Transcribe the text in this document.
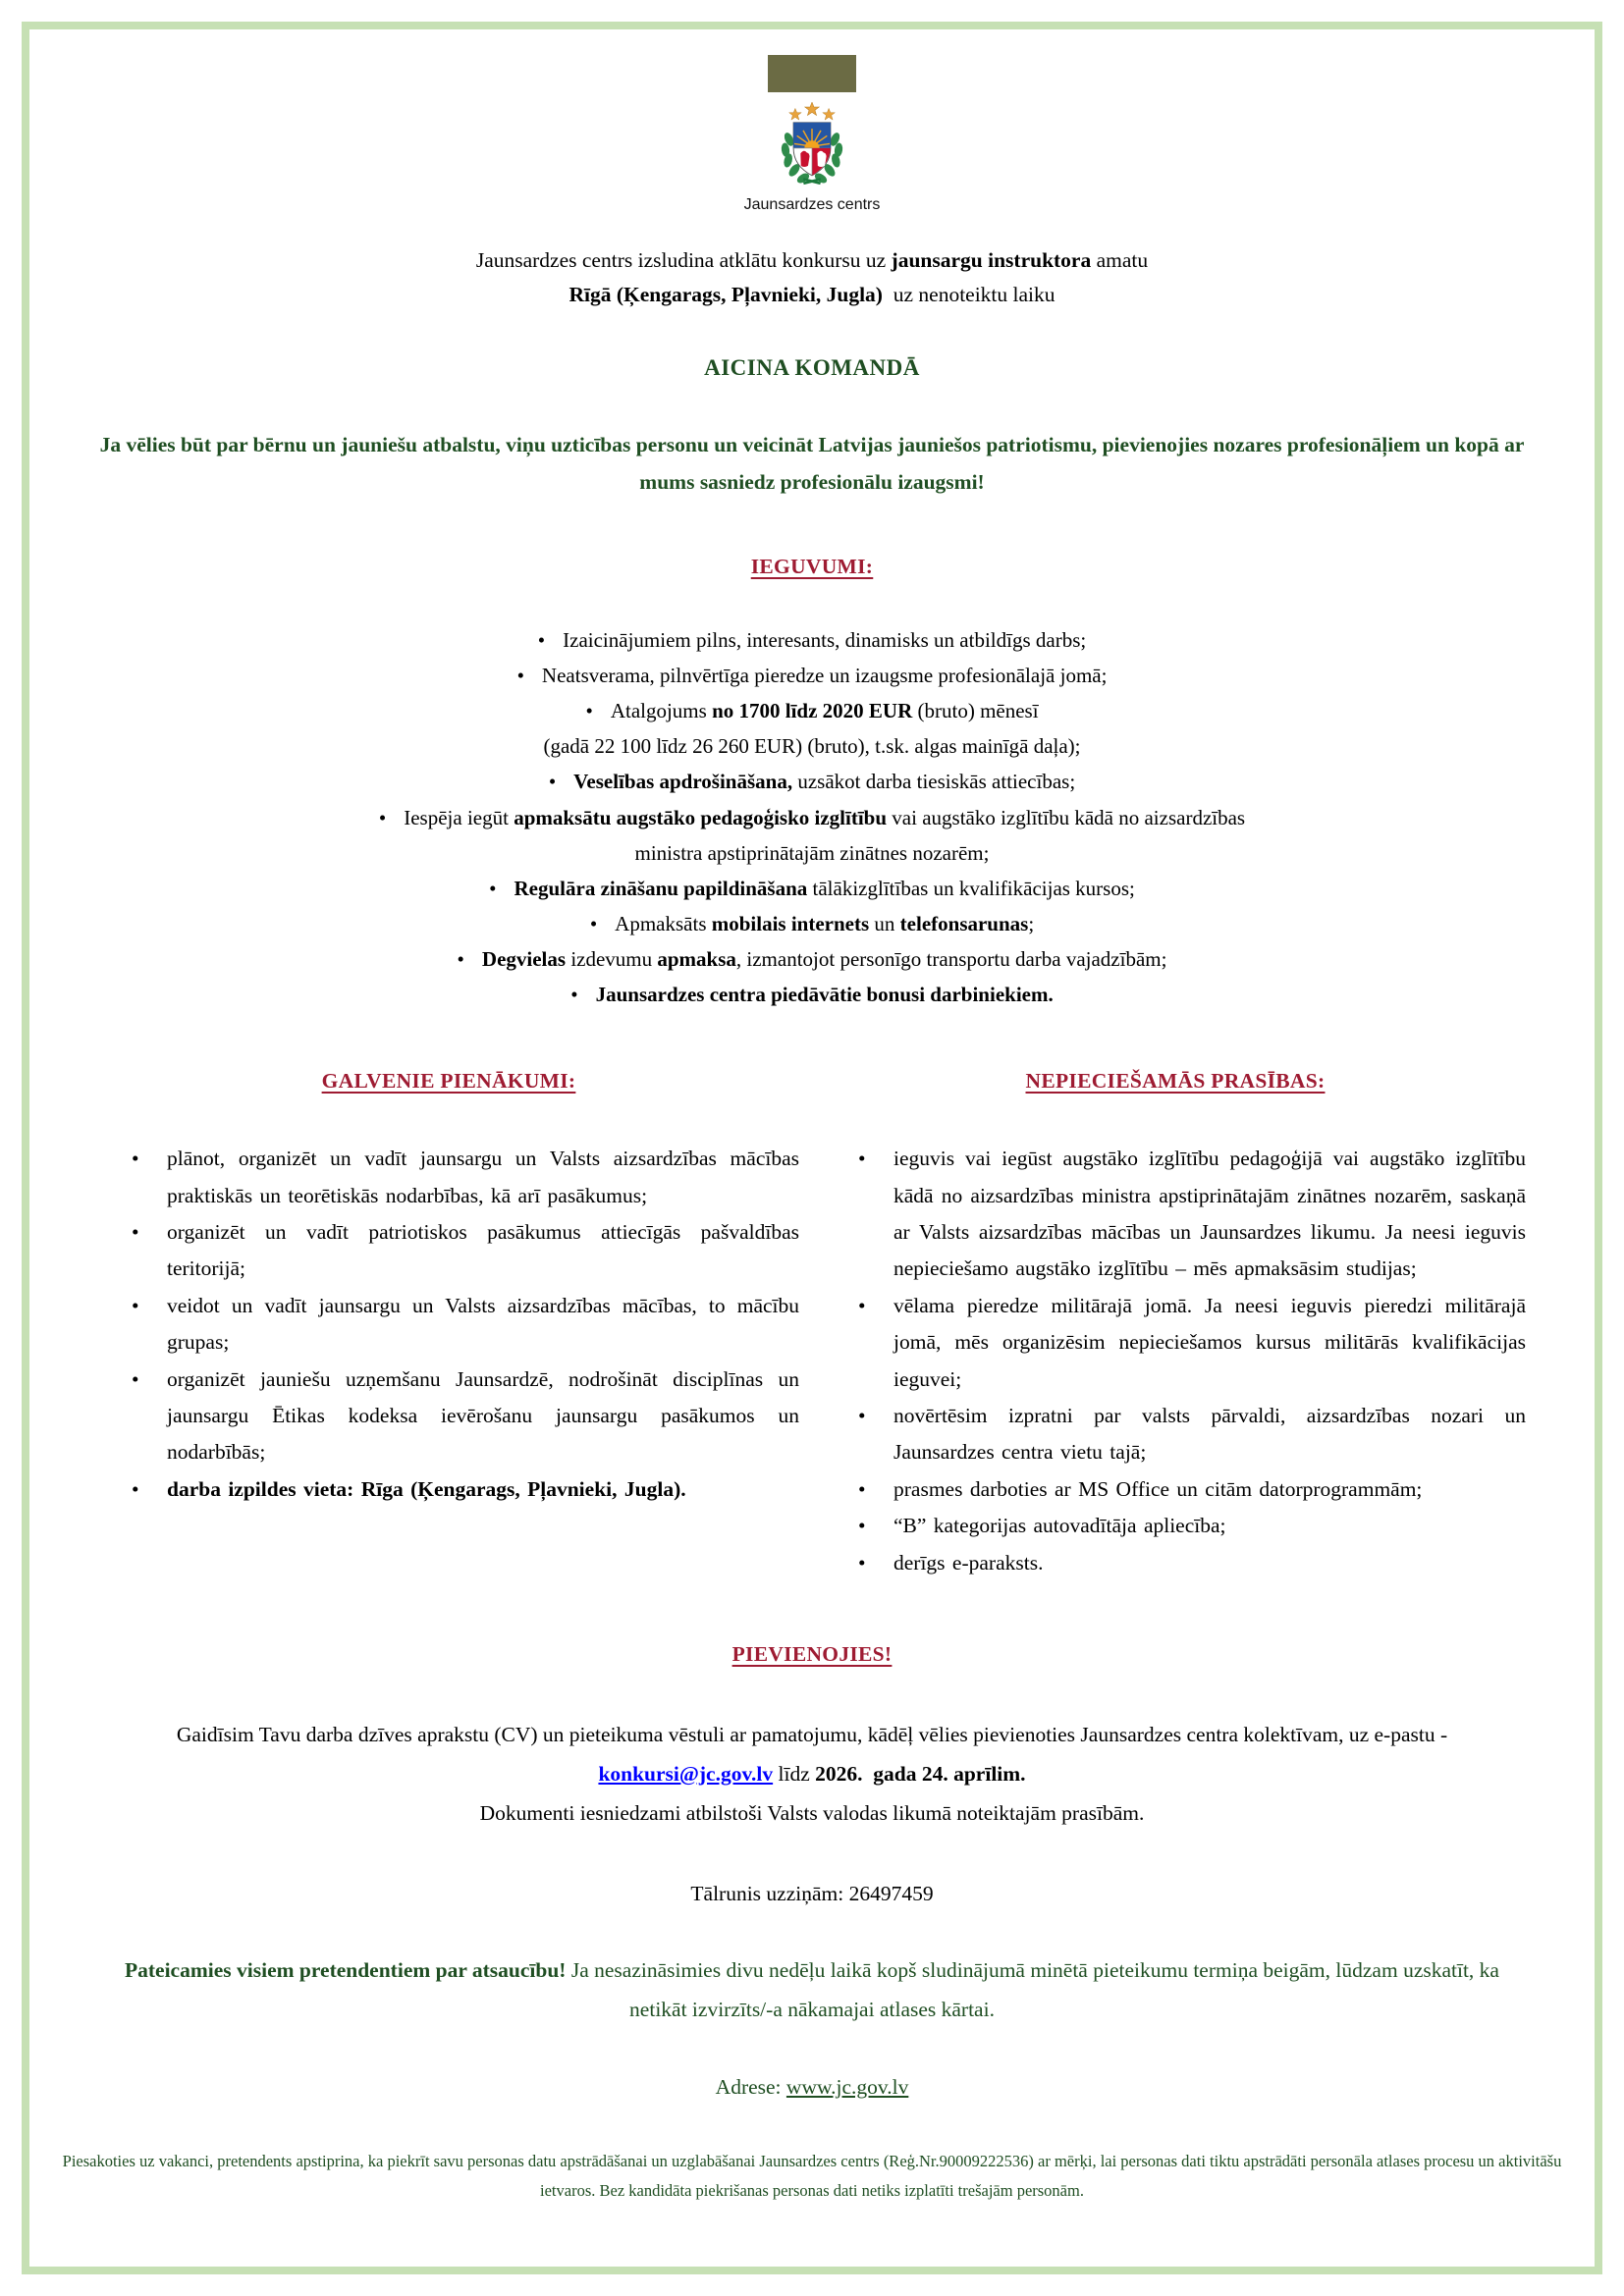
Jaunsardzes centrs
Jaunsardzes centrs izsludina atklātu konkursu uz jaunsargu instruktora amatu
Rīgā (Ķengarags, Pļavnieki, Jugla)  uz nenoteiktu laiku
AICINA KOMANDĀ
Ja vēlies būt par bērnu un jauniešu atbalstu, viņu uzticības personu un veicināt Latvijas jauniešos patriotismu, pievienojies nozares profesionāļiem un kopā ar mums sasniedz profesionālu izaugsmi!
IEGUVUMI:
• Izaicinājumiem pilns, interesants, dinamisks un atbildīgs darbs;
• Neatsverama, pilnvērtīga pieredze un izaugsme profesionālajā jomā;
• Atalgojums no 1700 līdz 2020 EUR (bruto) mēnesī
(gadā 22 100 līdz 26 260 EUR) (bruto), t.sk. algas mainīgā daļa);
• Veselības apdrošināšana, uzsākot darba tiesiskās attiecības;
• Iespēja iegūt apmaksātu augstāko pedagoģisko izglītību vai augstāko izglītību kādā no aizsardzības
ministra apstiprinātajām zinātnes nozarēm;
• Regulāra zināšanu papildināšana tālākizglītības un kvalifikācijas kursos;
• Apmaksāts mobilais internets un telefonsarunas;
• Degvielas izdevumu apmaksa, izmantojot personīgo transportu darba vajadzībām;
• Jaunsardzes centra piedāvātie bonusi darbiniekiem.
GALVENIE PIENĀKUMI:
•	plānot, organizēt un vadīt jaunsargu un Valsts aizsardzības mācības praktiskās un teorētiskās nodarbības, kā arī pasākumus;
•	organizēt un vadīt patriotiskos pasākumus attiecīgās pašvaldības teritorijā;
•	veidot un vadīt jaunsargu un Valsts aizsardzības mācības, to mācību grupas;
•	organizēt jauniešu uzņemšanu Jaunsardzē, nodrošināt disciplīnas un jaunsargu Ētikas kodeksa ievērošanu jaunsargu pasākumos un nodarbībās;
•	darba izpildes vieta: Rīga (Ķengarags, Pļavnieki, Jugla).
NEPIECIEŠAMĀS PRASĪBAS:
•	ieguvis vai iegūst augstāko izglītību pedagoģijā vai augstāko izglītību kādā no aizsardzības ministra apstiprinātajām zinātnes nozarēm, saskaņā ar Valsts aizsardzības mācības un Jaunsardzes likumu. Ja neesi ieguvis nepieciešamo augstāko izglītību – mēs apmaksāsim studijas;
•	vēlama pieredze militārajā jomā. Ja neesi ieguvis pieredzi militārajā jomā, mēs organizēsim nepieciešamos kursus militārās kvalifikācijas ieguvei;
•	novērtēsim izpratni par valsts pārvaldi, aizsardzības nozari un Jaunsardzes centra vietu tajā;
•	prasmes darboties ar MS Office un citām datorprogrammām;
•	“B” kategorijas autovadītāja apliecība;
•	derīgs e-paraksts.
PIEVIENOJIES!
Gaidīsim Tavu darba dzīves aprakstu (CV) un pieteikuma vēstuli ar pamatojumu, kādēļ vēlies pievienoties Jaunsardzes centra kolektīvam, uz e-pastu - konkursi@jc.gov.lv līdz 2026.  gada 24. aprīlim.
Dokumenti iesniedzami atbilstoši Valsts valodas likumā noteiktajām prasībām.
Tālrunis uzziņām: 26497459
Pateicamies visiem pretendentiem par atsaucību! Ja nesazināsimies divu nedēļu laikā kopš sludinājumā minētā pieteikumu termiņa beigām, lūdzam uzskatīt, ka netikāt izvirzīts/-a nākamajai atlases kārtai.
Adrese: www.jc.gov.lv
Piesakoties uz vakanci, pretendents apstiprina, ka piekrīt savu personas datu apstrādāšanai un uzglabāšanai Jaunsardzes centrs (Reģ.Nr.90009222536) ar mērķi, lai personas dati tiktu apstrādāti personāla atlases procesu un aktivitāšu ietvaros. Bez kandidāta piekrišanas personas dati netiks izplatīti trešajām personām.
